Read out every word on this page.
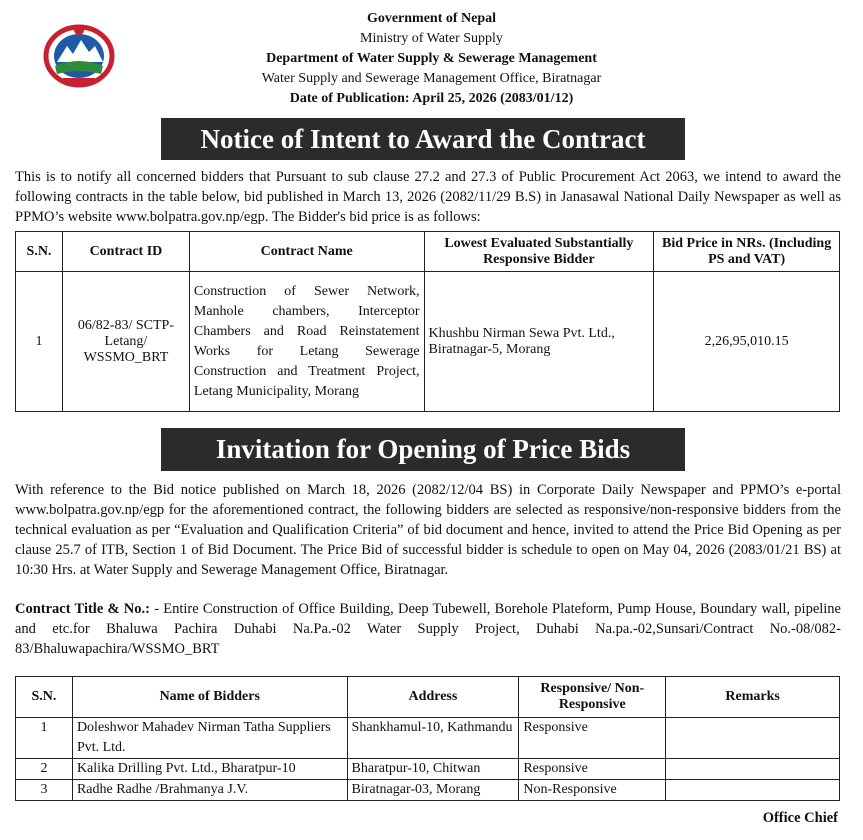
Government of Nepal
Ministry of Water Supply
Department of Water Supply & Sewerage Management
Water Supply and Sewerage Management Office, Biratnagar
Date of Publication: April 25, 2026 (2083/01/12)
Notice of Intent to Award the Contract
This is to notify all concerned bidders that Pursuant to sub clause 27.2 and 27.3 of Public Procurement Act 2063, we intend to award the following contracts in the table below, bid published in March 13, 2026 (2082/11/29 B.S) in Janasawal National Daily Newspaper as well as PPMO’s website www.bolpatra.gov.np/egp. The Bidder's bid price is as follows:
S.N.	Contract ID	Contract Name	Lowest Evaluated Substantially Responsive Bidder	Bid Price in NRs. (Including PS and VAT)
1	06/82-83/ SCTP-Letang/ WSSMO_BRT	Construction of Sewer Network, Manhole chambers, Interceptor Chambers and Road Reinstatement Works for Letang Sewerage Construction and Treatment Project, Letang Municipality, Morang	Khushbu Nirman Sewa Pvt. Ltd., Biratnagar-5, Morang	2,26,95,010.15
Invitation for Opening of Price Bids
With reference to the Bid notice published on March 18, 2026 (2082/12/04 BS) in Corporate Daily Newspaper and PPMO’s e-portal www.bolpatra.gov.np/egp for the aforementioned contract, the following bidders are selected as responsive/non-responsive bidders from the technical evaluation as per “Evaluation and Qualification Criteria” of bid document and hence, invited to attend the Price Bid Opening as per clause 25.7 of ITB, Section 1 of Bid Document. The Price Bid of successful bidder is schedule to open on May 04, 2026 (2083/01/21 BS) at 10:30 Hrs. at Water Supply and Sewerage Management Office, Biratnagar.
Contract Title & No.: - Entire Construction of Office Building, Deep Tubewell, Borehole Plateform, Pump House, Boundary wall, pipeline and etc.for Bhaluwa Pachira Duhabi Na.Pa.-02 Water Supply Project, Duhabi Na.pa.-02,Sunsari/Contract No.-08/082-83/Bhaluwapachira/WSSMO_BRT
S.N.	Name of Bidders	Address	Responsive/ Non-Responsive	Remarks
1	Doleshwor Mahadev Nirman Tatha Suppliers Pvt. Ltd.	Shankhamul-10, Kathmandu	Responsive	
2	Kalika Drilling Pvt. Ltd., Bharatpur-10	Bharatpur-10, Chitwan	Responsive	
3	Radhe Radhe /Brahmanya J.V.	Biratnagar-03, Morang	Non-Responsive	
Office Chief
